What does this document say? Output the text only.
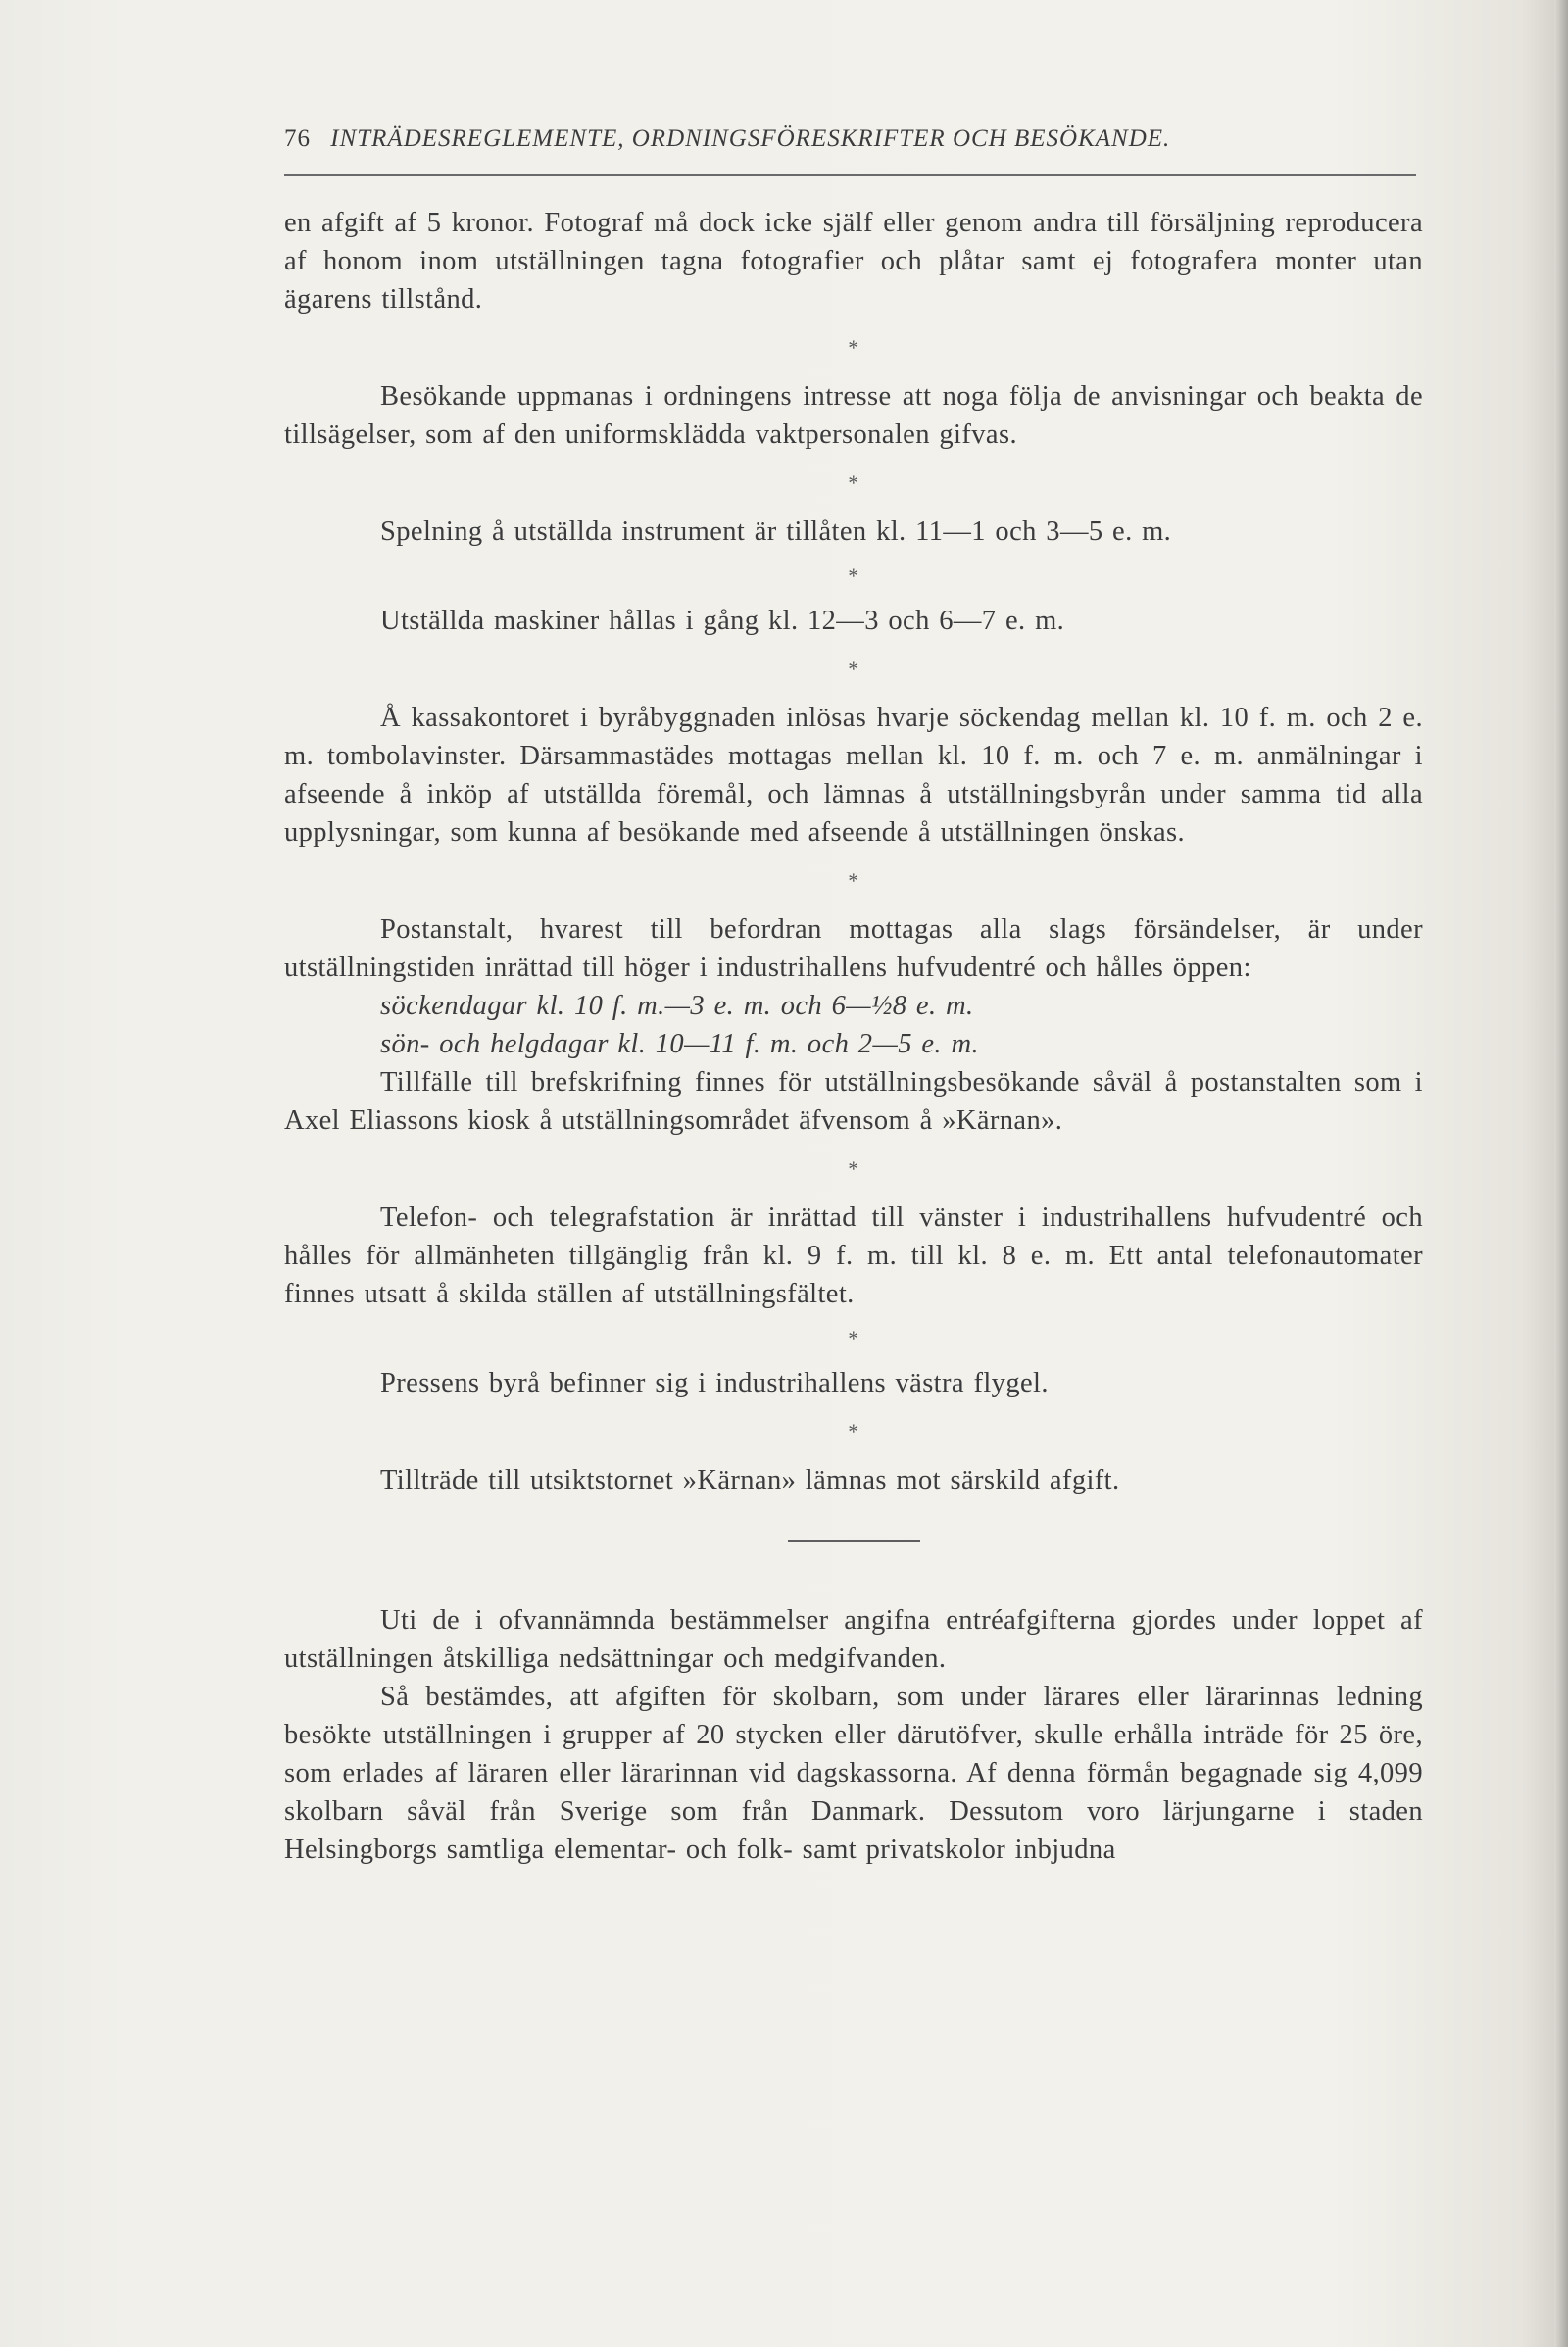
76 INTRÄDESREGLEMENTE, ORDNINGSFÖRESKRIFTER OCH BESÖKANDE.

en afgift af 5 kronor. Fotograf må dock icke själf eller genom andra till försäljning reproducera af honom inom utställningen tagna fotografier och plåtar samt ej fotografera monter utan ägarens tillstånd.

*

Besökande uppmanas i ordningens intresse att noga följa de anvisningar och beakta de tillsägelser, som af den uniformsklädda vaktpersonalen gifvas.

*

Spelning å utställda instrument är tillåten kl. 11—1 och 3—5 e. m.

*

Utställda maskiner hållas i gång kl. 12—3 och 6—7 e. m.

*

Å kassakontoret i byråbyggnaden inlösas hvarje söckendag mellan kl. 10 f. m. och 2 e. m. tombolavinster. Därsammastädes mottagas mellan kl. 10 f. m. och 7 e. m. anmälningar i afseende å inköp af utställda föremål, och lämnas å utställningsbyrån under samma tid alla upplysningar, som kunna af besökande med afseende å utställningen önskas.

*

Postanstalt, hvarest till befordran mottagas alla slags försändelser, är under utställningstiden inrättad till höger i industrihallens hufvudentré och hålles öppen:

söckendagar kl. 10 f. m.—3 e. m. och 6—½8 e. m.

sön- och helgdagar kl. 10—11 f. m. och 2—5 e. m.

Tillfälle till brefskrifning finnes för utställningsbesökande såväl å postanstalten som i Axel Eliassons kiosk å utställningsområdet äfvensom å »Kärnan».

*

Telefon- och telegrafstation är inrättad till vänster i industrihallens hufvudentré och hålles för allmänheten tillgänglig från kl. 9 f. m. till kl. 8 e. m. Ett antal telefonautomater finnes utsatt å skilda ställen af utställningsfältet.

*

Pressens byrå befinner sig i industrihallens västra flygel.

*

Tillträde till utsiktstornet »Kärnan» lämnas mot särskild afgift.

Uti de i ofvannämnda bestämmelser angifna entréafgifterna gjordes under loppet af utställningen åtskilliga nedsättningar och medgifvanden.

Så bestämdes, att afgiften för skolbarn, som under lärares eller lärarinnas ledning besökte utställningen i grupper af 20 stycken eller därutöfver, skulle erhålla inträde för 25 öre, som erlades af läraren eller lärarinnan vid dagskassorna. Af denna förmån begagnade sig 4,099 skolbarn såväl från Sverige som från Danmark. Dessutom voro lärjungarne i staden Helsingborgs samtliga elementar- och folk- samt privatskolor inbjudna
